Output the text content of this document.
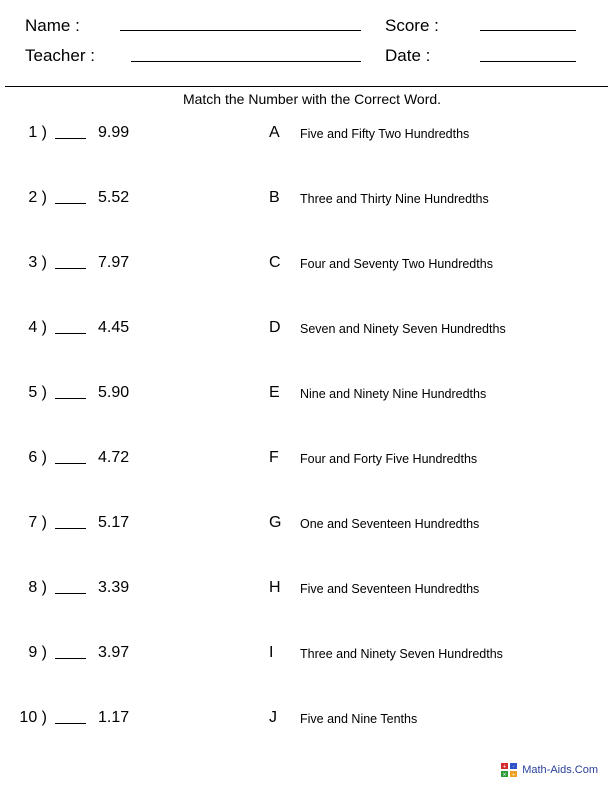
Name :	Score :
Teacher :	Date :
Match the Number with the Correct Word.
1 )	9.99	A Five and Fifty Two Hundredths
2 )	5.52	B Three and Thirty Nine Hundredths
3 )	7.97	C Four and Seventy Two Hundredths
4 )	4.45	D Seven and Ninety Seven Hundredths
5 )	5.90	E Nine and Ninety Nine Hundredths
6 )	4.72	F Four and Forty Five Hundredths
7 )	5.17	G One and Seventeen Hundredths
8 )	3.39	H Five and Seventeen Hundredths
9 )	3.97	I Three and Ninety Seven Hundredths
10 )	1.17	J Five and Nine Tenths
+ -
× ÷ Math-Aids.Com
